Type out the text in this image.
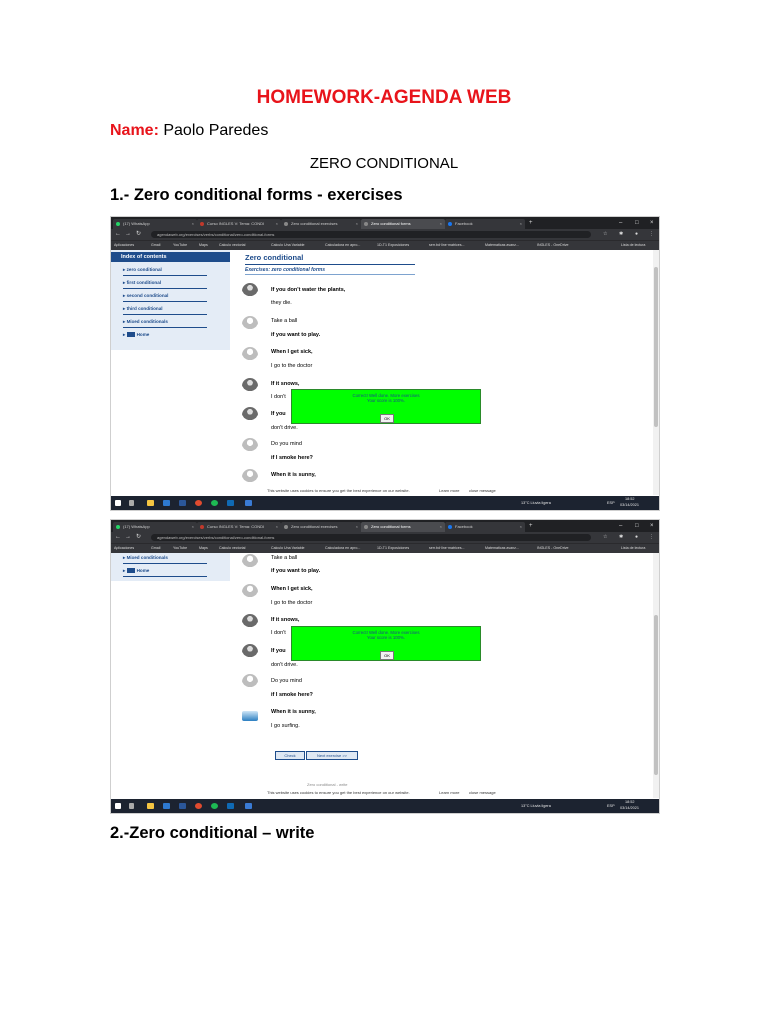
HOMEWORK-AGENDA WEB
Name: Paolo Paredes
ZERO CONDITIONAL
1.- Zero conditional forms - exercises
(17) WhatsApp	×	Curso INGLES V: Tema: CONDI	×	Zero conditional exercises	×	Zero conditional forms	×	Facebook	× +	– □ ×
← → ↻	agendaweb.org/exercises/verbs/conditional/zero-conditional-forms	☆ ✱ ● ⋮
Aplicaciones	Gmail	YouTube	Maps	Calculo vectorial	Calculo Una Variable	Calculadora en apro...	1D-T1 Exposiciones	serr.bd·line·matrices...	Matematicas avanz...	INGLES - OneDrive	Lista de lectura
Index of contents
▸ zero conditional
▸ first conditional
▸ second conditional
▸ third conditional
▸ Mixed conditionals
▸ Home
Zero conditional
Exercises: zero conditional forms
If you don't water the plants,
they die.
Take a ball
if you want to play.
When I get sick,
I go to the doctor
If it snows,
I don't
If you
don't drive.
Do you mind
if I smoke here?
When it is sunny,
Correct! Well done. More exercises
Your score is 100%.
OK
This website uses cookies to ensure you get the best experience on our website.	Learn more close message
13°C Lluvia ligera	ESP
18:52
03/14/2021
(17) WhatsApp	×	Curso INGLES V: Tema: CONDI	×	Zero conditional exercises	×	Zero conditional forms	×	Facebook	× +	– □ ×
← → ↻	agendaweb.org/exercises/verbs/conditional/zero-conditional-forms	☆ ✱ ● ⋮
Aplicaciones	Gmail	YouTube	Maps	Calculo vectorial	Calculo Una Variable	Calculadora en apro...	1D-T1 Exposiciones	serr.bd·line·matrices...	Matematicas avanz...	INGLES - OneDrive	Lista de lectura
▸ Mixed conditionals
▸ Home
Take a ball
if you want to play.
When I get sick,
I go to the doctor
If it snows,
I don't
If you
don't drive.
Do you mind
if I smoke here?
When it is sunny,
I go surfing.
Correct! Well done. More exercises
Your score is 100%.
OK
Check	Next exercise >>
Zero conditional - write
This website uses cookies to ensure you get the best experience on our website.	Learn more close message
13°C Lluvia ligera	ESP
18:52
03/14/2021
2.-Zero conditional – write
